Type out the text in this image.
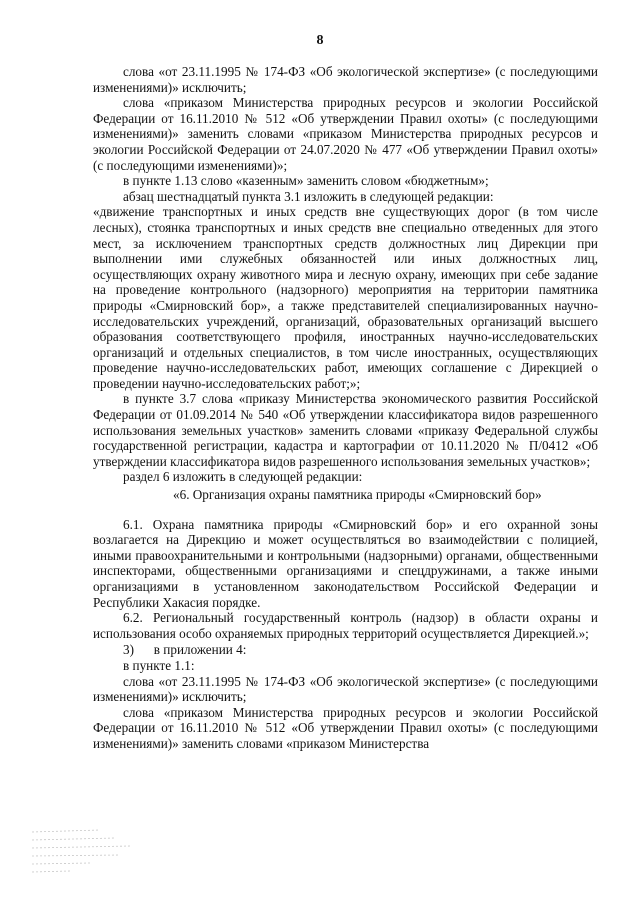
8

слова «от 23.11.1995 № 174-ФЗ «Об экологической экспертизе» (с последующими изменениями)» исключить;

слова «приказом Министерства природных ресурсов и экологии Российской Федерации от 16.11.2010 № 512 «Об утверждении Правил охоты» (с последующими изменениями)» заменить словами «приказом Министерства природных ресурсов и экологии Российской Федерации от 24.07.2020 № 477 «Об утверждении Правил охоты» (с последующими изменениями)»;

в пункте 1.13 слово «казенным» заменить словом «бюджетным»;

абзац шестнадцатый пункта 3.1 изложить в следующей редакции:

«движение транспортных и иных средств вне существующих дорог (в том числе лесных), стоянка транспортных и иных средств вне специально отведенных для этого мест, за исключением транспортных средств должностных лиц Дирекции при выполнении ими служебных обязанностей или иных должностных лиц, осуществляющих охрану животного мира и лесную охрану, имеющих при себе задание на проведение контрольного (надзорного) мероприятия на территории памятника природы «Смирновский бор», а также представителей специализированных научно-исследовательских учреждений, организаций, образовательных организаций высшего образования соответствующего профиля, иностранных научно-исследовательских организаций и отдельных специалистов, в том числе иностранных, осуществляющих проведение научно-исследовательских работ, имеющих соглашение с Дирекцией о проведении научно-исследовательских работ;»;

в пункте 3.7 слова «приказу Министерства экономического развития Российской Федерации от 01.09.2014 № 540 «Об утверждении классификатора видов разрешенного использования земельных участков» заменить словами «приказу Федеральной службы государственной регистрации, кадастра и картографии от 10.11.2020 № П/0412 «Об утверждении классификатора видов разрешенного использования земельных участков»;

раздел 6 изложить в следующей редакции:

«6. Организация охраны памятника природы «Смирновский бор»

6.1. Охрана памятника природы «Смирновский бор» и его охранной зоны возлагается на Дирекцию и может осуществляться во взаимодействии с полицией, иными правоохранительными и контрольными (надзорными) органами, общественными инспекторами, общественными организациями и спецдружинами, а также иными организациями в установленном законодательством Российской Федерации и Республики Хакасия порядке.

6.2. Региональный государственный контроль (надзор) в области охраны и использования особо охраняемых природных территорий осуществляется Дирекцией.»;

3)      в приложении 4:

в пункте 1.1:

слова «от 23.11.1995 № 174-ФЗ «Об экологической экспертизе» (с последующими изменениями)» исключить;

слова «приказом Министерства природных ресурсов и экологии Российской Федерации от 16.11.2010 № 512 «Об утверждении Правил охоты» (с последующими изменениями)» заменить словами «приказом Министерства
